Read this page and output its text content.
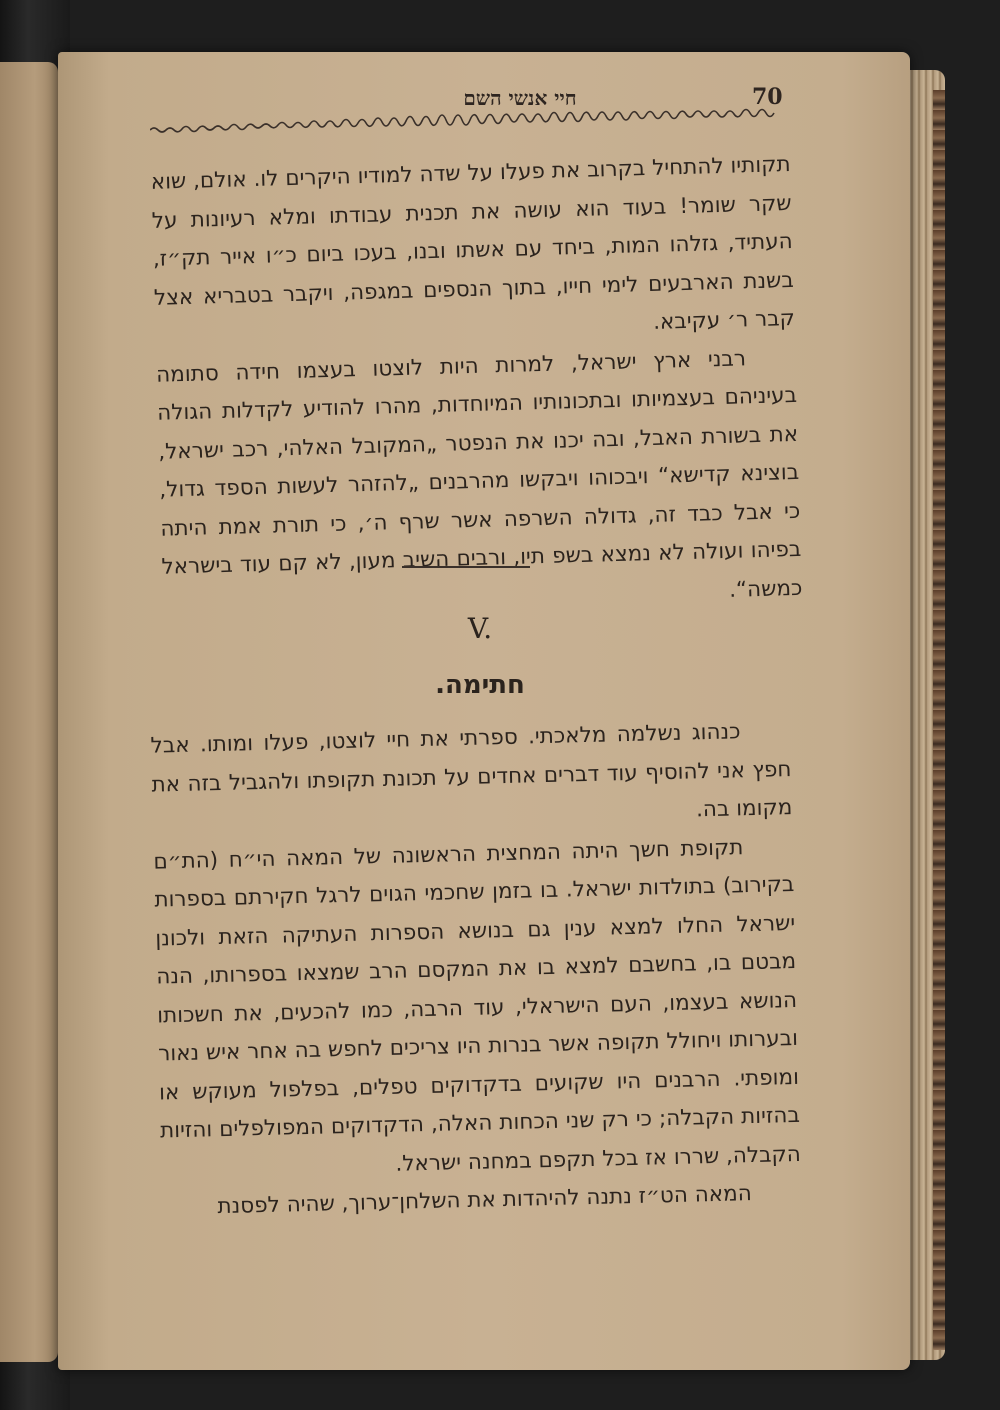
חיי אנשי השם	70

תקותיו להתחיל בקרוב את פעלו על שדה למודיו היקרים לו. אולם, שוא שקר שומר! בעוד הוא עושה את תכנית עבודתו ומלא רעיונות על העתיד, גזלהו המות, ביחד עם אשתו ובנו, בעכו ביום כ״ו אייר תק״ז, בשנת הארבעים לימי חייו, בתוך הנספים במגפה, ויקבר בטבריא אצל קבר ר׳ עקיבא.

רבני ארץ ישראל, למרות היות לוצטו בעצמו חידה סתומה בעיניהם בעצמיותו ובתכונותיו המיוחדות, מהרו להודיע לקדלות הגולה את בשורת האבל, ובה יכנו את הנפטר „המקובל האלהי, רכב ישראל, בוצינא קדישא“ ויבכוהו ויבקשו מהרבנים „להזהר לעשות הספד גדול, כי אבל כבד זה, גדולה השרפה אשר שרף ה׳, כי תורת אמת היתה בפיהו ועולה לא נמצא בשפ תיו, ורבים השיב מעון, לא קם עוד בישראל כמשה“.

V.
חתימה.

כנהוג נשלמה מלאכתי. ספרתי את חיי לוצטו, פעלו ומותו. אבל חפץ אני להוסיף עוד דברים אחדים על תכונת תקופתו ולהגביל בזה את מקומו בה.

תקופת חשך היתה המחצית הראשונה של המאה הי״ח (הת״ם בקירוב) בתולדות ישראל. בו בזמן שחכמי הגוים לרגל חקירתם בספרות ישראל החלו למצא ענין גם בנושא הספרות העתיקה הזאת ולכונן מבטם בו, בחשבם למצא בו את המקסם הרב שמצאו בספרותו, הנה הנושא בעצמו, העם הישראלי, עוד הרבה, כמו להכעים, את חשכותו ובערותו ויחולל תקופה אשר בנרות היו צריכים לחפש בה אחר איש נאור ומופתי. הרבנים היו שקועים בדקדוקים טפלים, בפלפול מעוקש או בהזיות הקבלה; כי רק שני הכחות האלה, הדקדוקים המפולפלים והזיות הקבלה, שררו אז בכל תקפם במחנה ישראל.

המאה הט״ז נתנה להיהדות את השלחן־ערוך, שהיה לפסנת
